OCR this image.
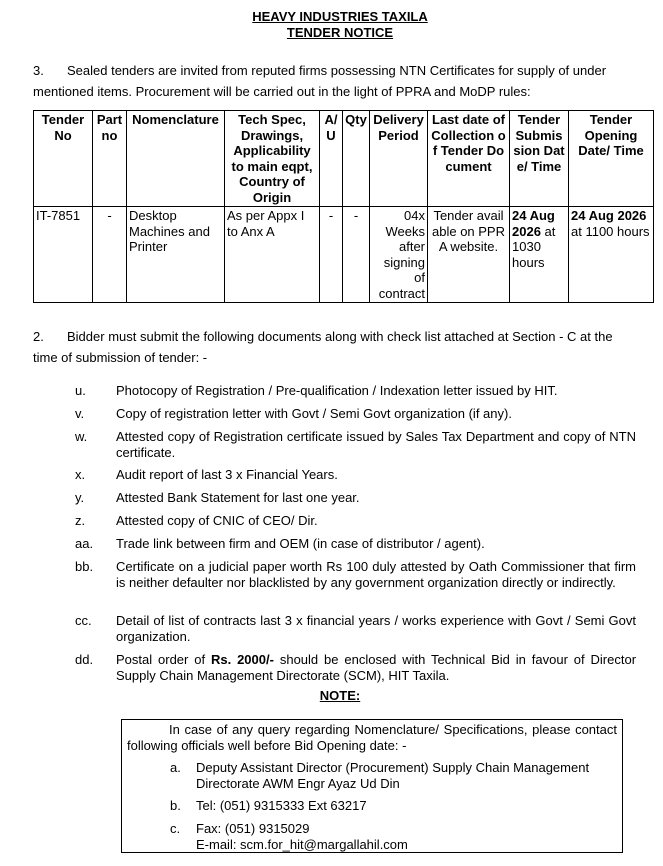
HEAVY INDUSTRIES TAXILA
TENDER NOTICE
3. Sealed tenders are invited from reputed firms possessing NTN Certificates for supply of under mentioned items. Procurement will be carried out in the light of PPRA and MoDP rules:
Tender No	Part no	Nomenclature	Tech Spec, Drawings, Applicability to main eqpt, Country of Origin	A/ U	Qty	Delivery Period	Last date of Collection of Tender Document	Tender Submission Date/ Time	Tender Opening Date/ Time
IT-7851	-	Desktop Machines and Printer	As per Appx I to Anx A	-	-	04x Weeks after signing of contract	Tender available on PPRA website.	24 Aug 2026 at 1030 hours	24 Aug 2026 at 1100 hours
2. Bidder must submit the following documents along with check list attached at Section - C at the time of submission of tender: -
u.	Photocopy of Registration / Pre-qualification / Indexation letter issued by HIT.
v.	Copy of registration letter with Govt / Semi Govt organization (if any).
w.	Attested copy of Registration certificate issued by Sales Tax Department and copy of NTN certificate.
x.	Audit report of last 3 x Financial Years.
y.	Attested Bank Statement for last one year.
z.	Attested copy of CNIC of CEO/ Dir.
aa.	Trade link between firm and OEM (in case of distributor / agent).
bb.	Certificate on a judicial paper worth Rs 100 duly attested by Oath Commissioner that firm is neither defaulter nor blacklisted by any government organization directly or indirectly.
cc.	Detail of list of contracts last 3 x financial years / works experience with Govt / Semi Govt organization.
dd.	Postal order of Rs. 2000/- should be enclosed with Technical Bid in favour of Director Supply Chain Management Directorate (SCM), HIT Taxila.
NOTE:
In case of any query regarding Nomenclature/ Specifications, please contact following officials well before Bid Opening date: -
a. Deputy Assistant Director (Procurement) Supply Chain Management Directorate AWM Engr Ayaz Ud Din
b. Tel: (051) 9315333 Ext 63217
c. Fax: (051) 9315029
E-mail: scm.for_hit@margallahil.com
